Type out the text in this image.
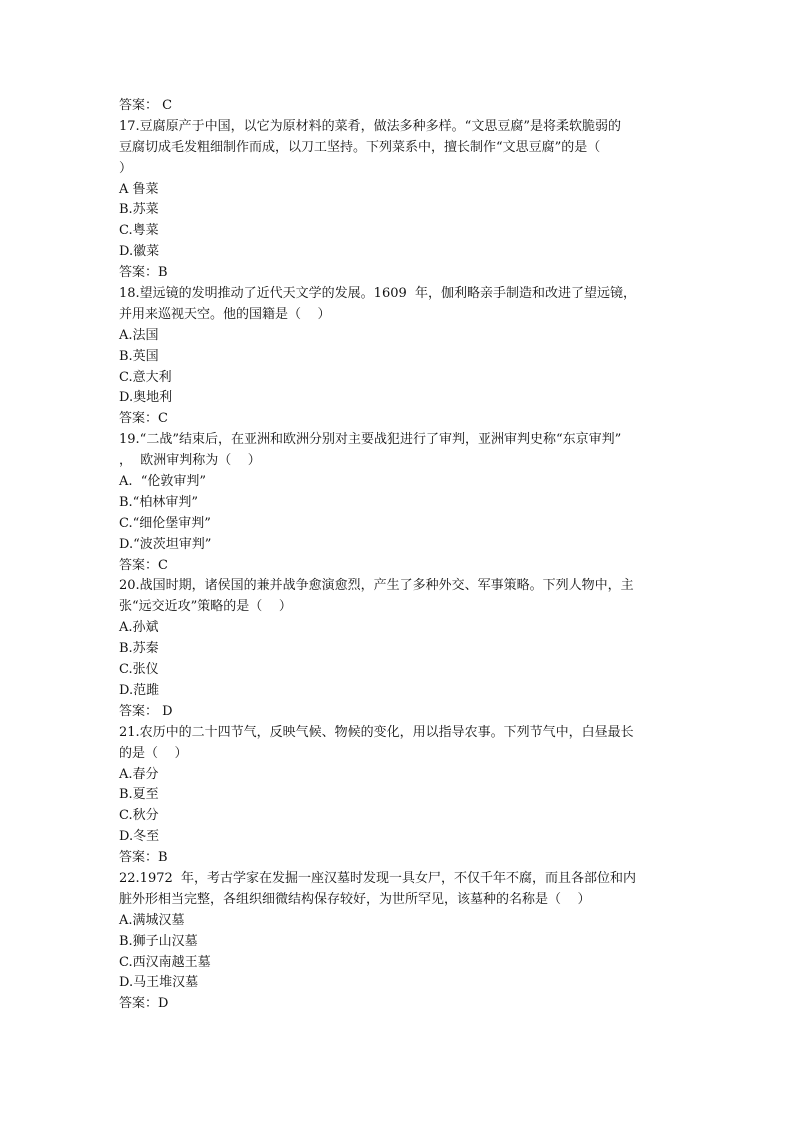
答案： C
17.豆腐原产于中国，以它为原材料的菜肴，做法多种多样。“文思豆腐”是将柔软脆弱的
豆腐切成毛发粗细制作而成，以刀工坚持。下列菜系中，擅长制作“文思豆腐”的是（
）
A 鲁菜
B.苏菜
C.粤菜
D.徽菜
答案：B
18.望远镜的发明推动了近代天文学的发展。1609  年，伽利略亲手制造和改进了望远镜，
并用来巡视天空。他的国籍是（    ）
A.法国
B.英国
C.意大利
D.奥地利
答案：C
19.“二战”结束后，在亚洲和欧洲分别对主要战犯进行了审判，亚洲审判史称“东京审判”
，  欧洲审判称为（    ）
A.  “伦敦审判”
B.“柏林审判”
C.“细伦堡审判”
D.“波茨坦审判”
答案：C
20.战国时期，诸侯国的兼并战争愈演愈烈，产生了多种外交、军事策略。下列人物中，主
张“远交近攻”策略的是（    ）
A.孙斌
B.苏秦
C.张仪
D.范雎
答案： D
21.农历中的二十四节气，反映气候、物候的变化，用以指导农事。下列节气中，白昼最长
的是（    ）
A.春分
B.夏至
C.秋分
D.冬至
答案：B
22.1972  年，考古学家在发掘一座汉墓时发现一具女尸，不仅千年不腐，而且各部位和内
脏外形相当完整，各组织细微结构保存较好，为世所罕见，该墓种的名称是（    ）
A.满城汉墓
B.狮子山汉墓
C.西汉南越王墓
D.马王堆汉墓
答案：D
